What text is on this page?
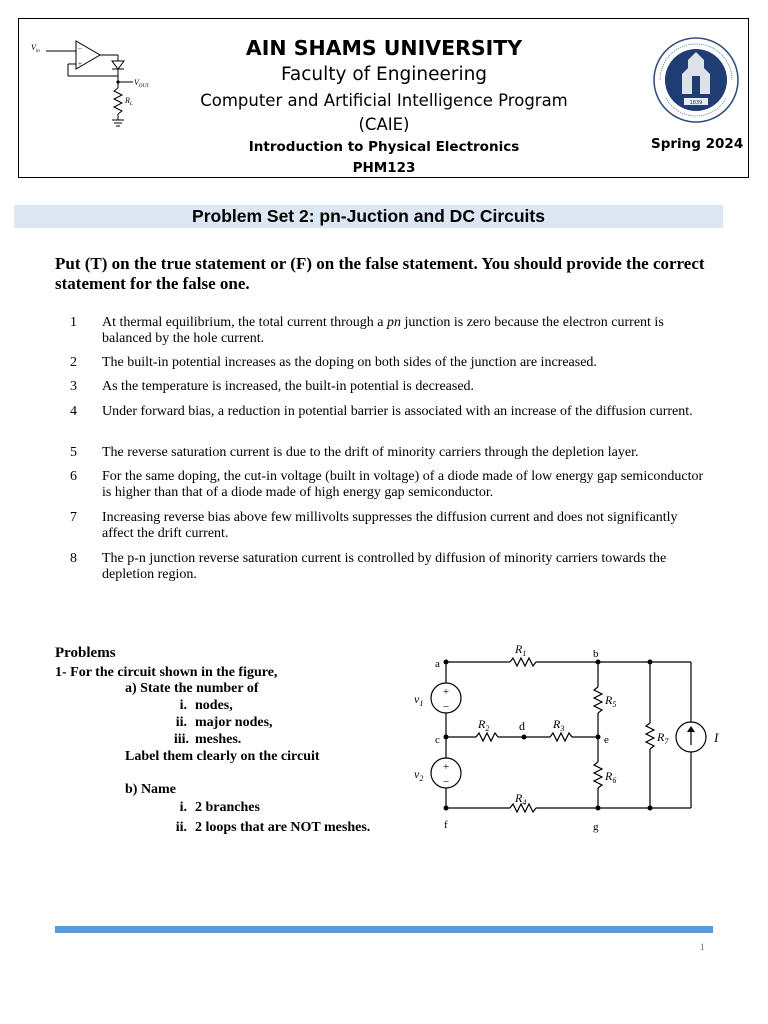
−
+
$V_{in}$
$V_{OUT}$
$R_L$
AIN SHAMS UNIVERSITY
Faculty of Engineering
Computer and Artificial Intelligence Program
(CAIE)
Introduction to Physical Electronics
PHM123
Spring 2024
1839
Problem Set 2: pn-Juction and DC Circuits
Put (T) on the true statement or (F) on the false statement. You should provide the correct statement for the false one.
1	At thermal equilibrium, the total current through a pn junction is zero because the electron current is balanced by the hole current.
2	The built-in potential increases as the doping on both sides of the junction are increased.
3	As the temperature is increased, the built-in potential is decreased.
4	Under forward bias, a reduction in potential barrier is associated with an increase of the diffusion current.
5	The reverse saturation current is due to the drift of minority carriers through the depletion layer.
6	For the same doping, the cut-in voltage (built in voltage) of a diode made of low energy gap semiconductor is higher than that of a diode made of high energy gap semiconductor.
7	Increasing reverse bias above few millivolts suppresses the diffusion current and does not significantly affect the drift current.
8	The p-n junction reverse saturation current is controlled by diffusion of minority carriers towards the depletion region.
Problems
1- For the circuit shown in the figure,
a) State the number of
i. nodes,
ii. major nodes,
iii. meshes.
Label them clearly on the circuit
b) Name
i. 2 branches
ii. 2 loops that are NOT meshes.
+
−
+
−
a
b
c
d
e
f	g
$R_1$
$R_2$	$R_3$
$R_4$
$R_5$
$R_6$
$R_7$
$v_1$
$v_2$
I
1
